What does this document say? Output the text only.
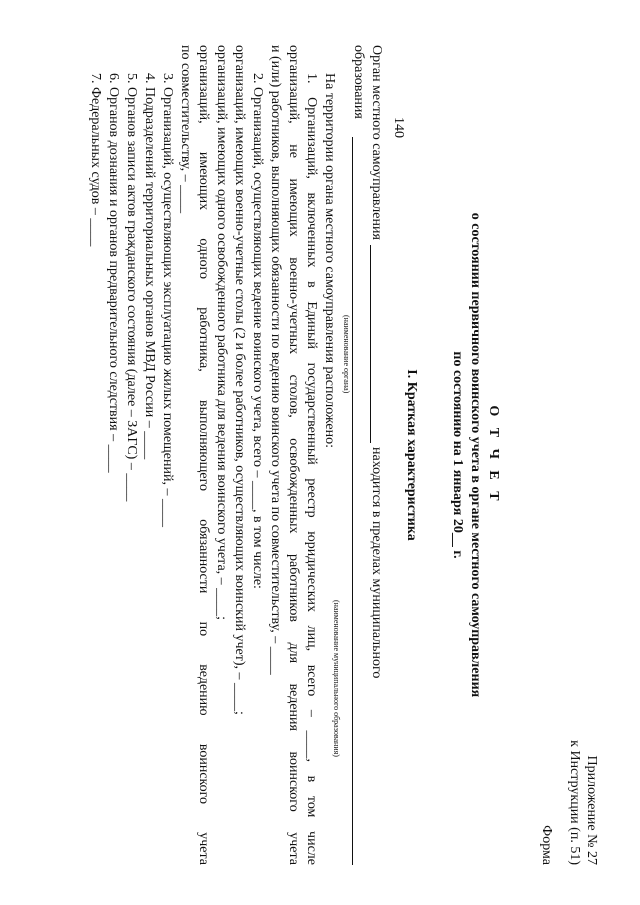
140
Приложение № 27
к Инструкции (п. 51)
Форма
О Т Ч Е Т
о состоянии первичного воинского учета в органе местного самоуправления
по состоянию на 1 января 20__ г.
I. Краткая характеристика
Орган местного самоуправления
находится в пределах муниципального
образования
(наименование органа)
(наименование муниципального образования)
На территории органа местного самоуправления расположено:
1. Организаций, включенных в Единый государственный реестр юридических лиц, всего – ____, в том числе
организаций, не имеющих военно-учетных столов, освобожденных работников для ведения воинского учета
и (или) работников, выполняющих обязанности по ведению воинского учета по совместительству, – ____
2. Организаций, осуществляющих ведение воинского учета, всего – ____, в том числе:
организаций, имеющих военно-учетные столы (2 и более работников, осуществляющих воинский учет), – ____;
организаций, имеющих одного освобожденного работника для ведения воинского учета, – ____;
организаций, имеющих одного работника, выполняющего обязанности по ведению воинского учета
по совместительству, – ____
3. Организаций, осуществляющих эксплуатацию жилых помещений, – ____
4. Подразделений территориальных органов МВД России – ____
5. Органов записи актов гражданского состояния (далее – ЗАГС) – ____
6. Органов дознания и органов предварительного следствия – ____
7. Федеральных судов – ____
